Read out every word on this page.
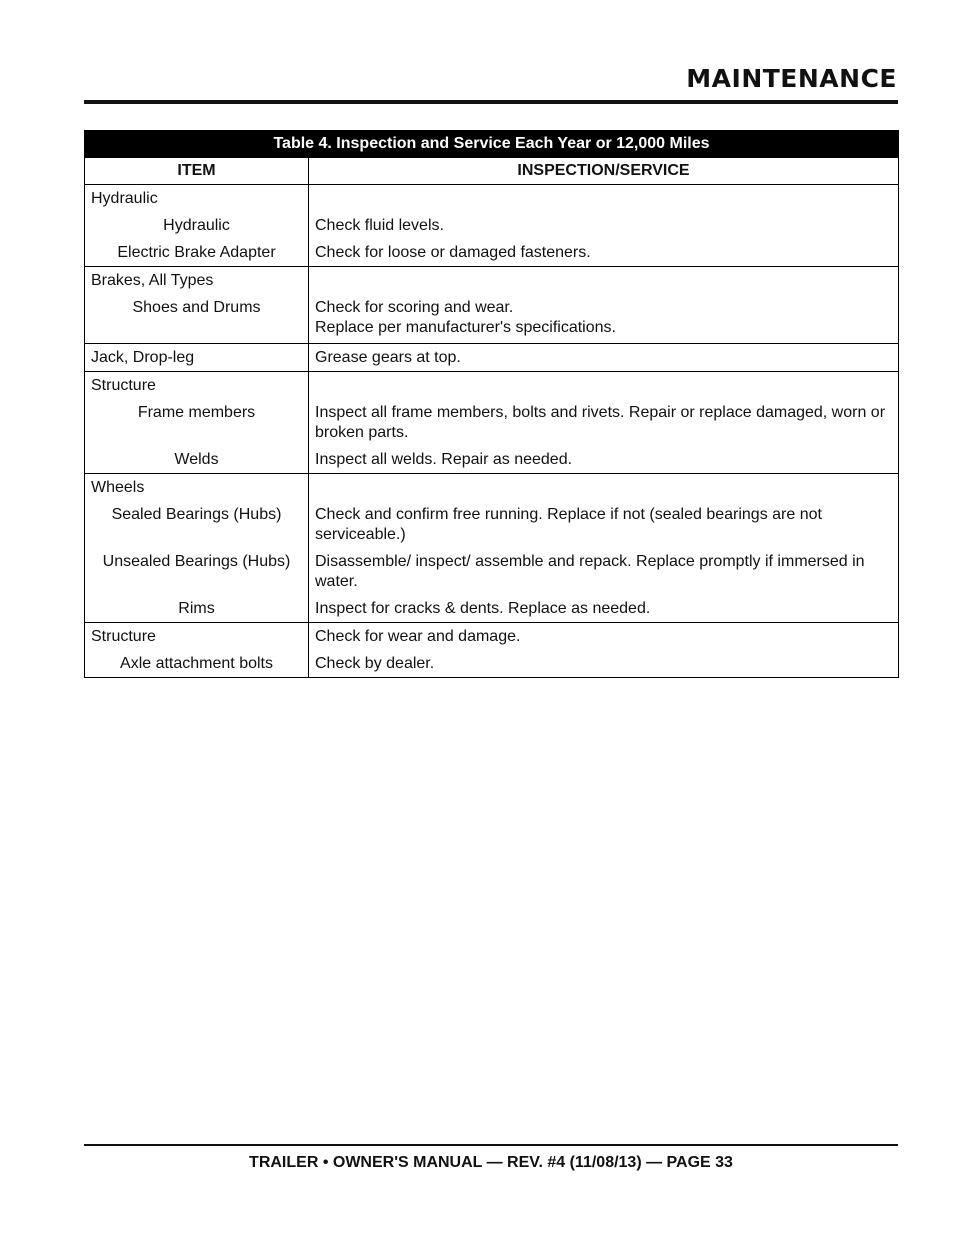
MAINTENANCE
Table 4. Inspection and Service Each Year or 12,000 Miles	
ITEM	INSPECTION/SERVICE

Hydraulic	

Hydraulic	Check fluid levels.

Electric Brake Adapter	Check for loose or damaged fasteners.

Brakes, All Types	

Shoes and Drums	Check for scoring and wear.
Replace per manufacturer's specifications.

Jack, Drop-leg	Grease gears at top.

Structure	

Frame members	Inspect all frame members, bolts and rivets. Repair or replace damaged, worn or broken parts.

Welds	Inspect all welds. Repair as needed.

Wheels	

Sealed Bearings (Hubs)	Check and confirm free running. Replace if not (sealed bearings are not serviceable.)

Unsealed Bearings (Hubs)	Disassemble/ inspect/ assemble and repack. Replace promptly if immersed in water.

Rims	Inspect for cracks & dents. Replace as needed.

Structure	Check for wear and damage.

Axle attachment bolts	Check by dealer.
TRAILER • OWNER'S MANUAL — REV. #4 (11/08/13) — PAGE 33
